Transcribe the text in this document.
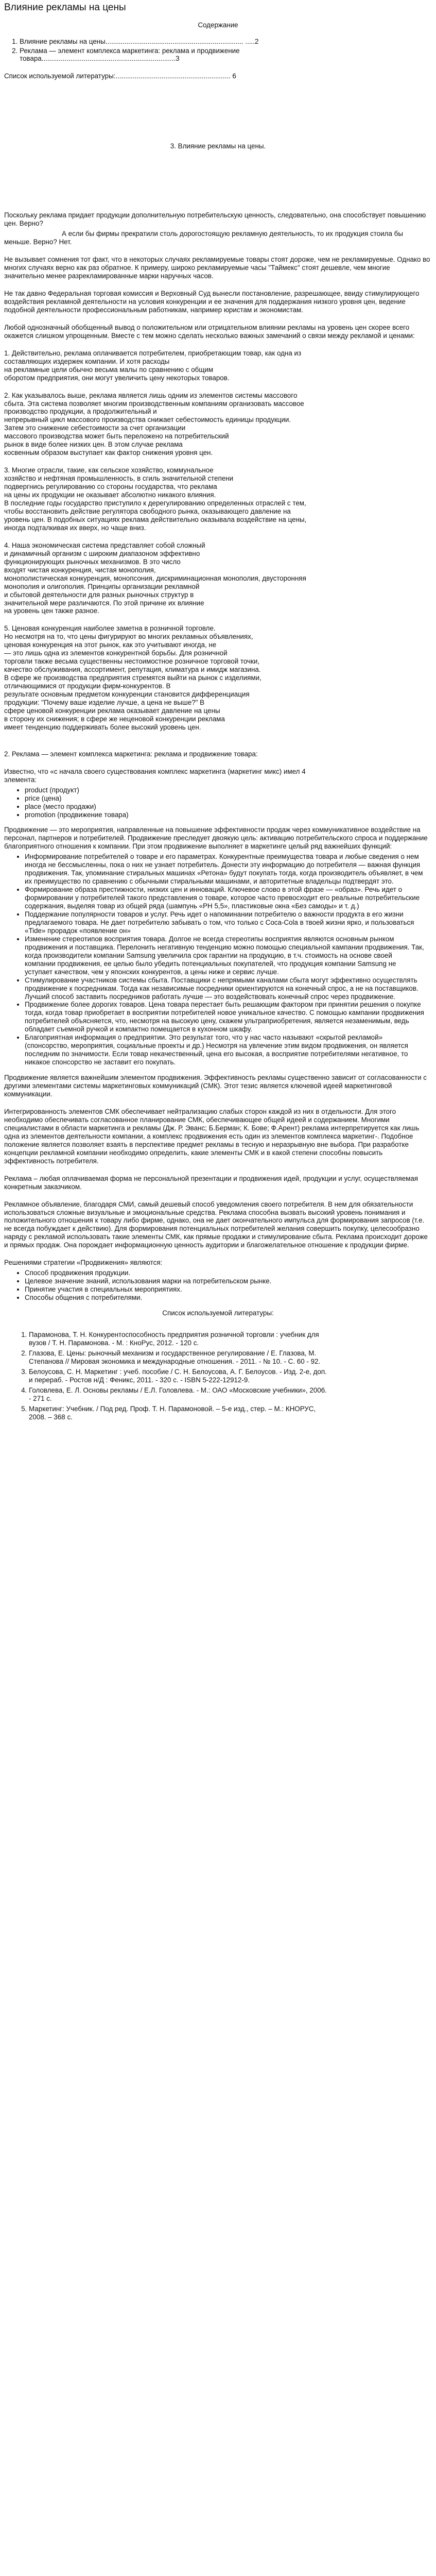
Влияние рекламы на цены
Содержание
1. Влияние рекламы на цены........................................................................ .....2
2. Реклама — элемент комплекса маркетинга: реклама и продвижение товара......................................................................3
Список используемой литературы:............................................................ 6
3. Влияние рекламы на цены.

Поскольку реклама придает продукции дополнительную потребительскую ценность, следовательно, она способствует повышению цен. Верно?

А если бы фирмы прекратили столь дорогостоящую рекламную деятельность, то их продукция стоила бы меньше. Верно? Нет.

Не вызывает сомнения тот факт, что в некоторых случаях рекламируемые товары стоят дороже, чем не рекламируемые. Однако во многих случаях верно как раз обратное. К примеру, широко рекламируемые часы "Таймекс" стоят дешевле, чем многие значительно менее разрекламированные марки наручных часов.

Не так давно Федеральная торговая комиссия и Верховный Суд вынесли постановление, разрешающее, ввиду стимулирующего воздействия рекламной деятельности на условия конкуренции и ее значения для поддержания низкого уровня цен, ведение подобной деятельности профессиональным работникам, например юристам и экономистам.

Любой однозначный обобщенный вывод о положительном или отрицательном влиянии рекламы на уровень цен скорее всего окажется слишком упрощенным. Вместе с тем можно сделать несколько важных замечаний о связи между рекламой и ценами:

1. Действительно, реклама оплачивается потребителем, приобретающим товар, как одна из составляющих издержек компании. И хотя расходы
на рекламные цели обычно весьма малы по сравнению с общим
оборотом предприятия, они могут увеличить цену некоторых товаров.

2. Как указывалось выше, реклама является лишь одним из элементов системы массового сбыта. Эта система позволяет многим производственным компаниям организовать массовое производство продукции, а продолжительный и
непрерывный цикл массового производства снижает себестоимость единицы продукции. Затем это снижение себестоимости за счет организации
массового производства может быть переложено на потребительский
рынок в виде более низких цен. В этом случае реклама
косвенным образом выступает как фактор снижения уровня цен.

3. Многие отрасли, такие, как сельское хозяйство, коммунальное
хозяйство и нефтяная промышленность, в сгиль значительной степени
подвергнись регулированию со стороны государства, что реклама
на цены их продукции не оказывает абсолютно никакого влияния.
В последние годы государство приступило к дерегулированию определенных отраслей с тем, чтобы восстановить действие регулятора свободного рынка, оказывающего давление на уровень цен. В подобных ситуациях реклама действительно оказывала воздействие на цены, иногда подталкивая их вверх, но чаще вниз.

4. Наша экономическая система представляет собой сложный
и динамичный организм с широким диапазоном эффективно
функционирующих рыночных механизмов. В это число
входят чистая конкуренция, чистая монополия,
монополистическая конкуренция, монопсония, дискриминационная монополия, двусторонняя монополия и олигополия. Принципы организации рекламной
и сбытовой деятельности для разных рыночных структур в
значительной мере различаются. По этой причине их влияние
на уровень цен также разное.

5. Ценовая конкуренция наиболее заметна в розничной торговле.
Но несмотря на то, что цены фигурируют во многих рекламных объявлениях,
ценовая конкуренция на этот рынок, как это учитывают иногда, не
— это лишь одна из элементов конкурентной борьбы. Для розничной
торговли также весьма существенны нестоимостное розничное торговой точки,
качество обслуживания, ассортимент, репутация, климатура и имидж магазина.
В сфере же производства предприятия стремятся выйти на рынок с изделиями,
отличающимися от продукции фирм-конкурентов. В
результате основным предметом конкуренции становится дифференциация
продукции: "Почему ваше изделие лучше, а цена не выше?" В
сфере ценовой конкуренции реклама оказывает давление на цены
в сторону их снижения; в сфере же неценовой конкуренции реклама
имеет тенденцию поддерживать более высокий уровень цен.

2. Реклама — элемент комплекса маркетинга: реклама и продвижение товара:

Известно, что «с начала своего существования комплекс маркетинга (маркетинг микс) имел 4 элемента:

• product (продукт)
• price (цена)
• place (место продажи)
• promotion (продвижение товара)

Продвижение — это мероприятия, направленные на повышение эффективности продаж через коммуникативное воздействие на персонал, партнеров и потребителей. Продвижение преследует двоякую цель: активацию потребительского спроса и поддержание благоприятного отношения к компании. При этом продвижение выполняет в маркетинге целый ряд важнейших функций:

• Информирование потребителей о товаре и его параметрах. Конкурентные преимущества товара и любые сведения о нем иногда не бессмысленны, пока о них не узнает потребитель. Донести эту информацию до потребителя — важная функция продвижения. Так, упоминание стиральных машинах «Ретона» будут покупать тогда, когда производитель объявляет, в чем их преимущество по сравнению с обычными стиральными машинами, и авторитетные владельцы подтвердят это.
• Формирование образа престижности, низких цен и инноваций. Ключевое слово в этой фразе — «образ». Речь идет о формировании у потребителей такого представления о товаре, которое часто превосходит его реальные потребительские содержания, выделяя товар из общей ряда (шампунь «PH 5,5», пластиковые окна «Без самоды» и т. д.)
• Поддержание популярности товаров и услуг. Речь идет о напоминании потребителю о важности продукта в его жизни предлагаемого товара. Не дает потребителю забывать о том, что только с Coca-Cola в твоей жизни ярко, и пользоваться «Tide» прорадок «появление он»
• Изменение стереотипов восприятия товара. Долгое не всегда стереотипы восприятия являются основным рынком продвижения и поставщика. Перелонить негативную тенденцию можно помощью специальной кампании продвижения. Так, когда производители компании Samsung увеличила срок гарантии на продукцию, в т.ч. стоимость на основе своей компании продвижения, ее целью было убедить потенциальных покупателей, что продукция компании Samsung не уступает качеством, чем у японских конкурентов, а цены ниже и сервис лучше.
• Стимулирование участников системы сбыта. Поставщики с непрямыми каналами сбыта могут эффективно осуществлять продвижение к посредникам. Тогда как независимые посредники ориентируются на конечный спрос, а не на поставщиков. Лучший способ заставить посредников работать лучше — это воздействовать конечный спрос через продвижение.
• Продвижение более дорогих товаров. Цена товара перестает быть решающим фактором при принятии решения о покупке тогда, когда товар приобретает в восприятии потребителей новое уникальное качество. С помощью кампании продвижения потребителей объясняется, что, несмотря на высокую цену, скажем ультраприобретения, является незаменимым, ведь обладает съемной ручкой и компактно помещается в кухонном шкафу.
• Благоприятная информация о предприятии. Это результат того, что у нас часто называют «скрытой рекламой» (спонсорство, мероприятия, социальные проекты и др.) Несмотря на увлечение этим видом продвижения, он является последним по значимости. Если товар некачественный, цена его высокая, а восприятие потребителями негативное, то никакое спонсорство не заставит его покупать.

Продвижение является важнейшим элементом продвижения. Эффективность рекламы существенно зависит от согласованности с другими элементами системы маркетинговых коммуникаций (СМК). Этот тезис является ключевой идеей маркетинговой коммуникации.

Интегрированность элементов СМК обеспечивает нейтрализацию слабых сторон каждой из них в отдельности. Для этого необходимо обеспечивать согласованное планирование СМК, обеспечивающее общей идеей и содержанием. Многими специалистами в области маркетинга и рекламы (Дж. Р. Эванс; Б.Берман; К. Бове; Ф.Арент) реклама интерпретируется как лишь одна из элементов деятельности компании, а комплекс продвижения есть один из элементов комплекса маркетинг-. Подобное положение является позволяет взаять в перспективе предмет рекламы в тесную и неразрывную вне выбора. При разработке концепции рекламной компании необходимо определить, какие элементы СМК и в какой степени способны повысить эффективность потребителя.

Реклама – любая оплачиваемая форма не персональной презентации и продвижения идей, продукции и услуг, осуществляемая конкретным заказчиком.

Рекламное объявление, благодаря СМИ, самый дешевый способ уведомления своего потребителя. В нем для обязательности использоваться сложные визуальные и эмоциональные средства. Реклама способна вызвать высокий уровень понимания и положительного отношения к товару либо фирме, однако, она не дает окончательного импульса для формирования запросов (т.е. не всегда побуждает к действию). Для формирования потенциальных потребителей желания совершить покупку, целесообразно наряду с рекламой использовать такие элементы СМК, как прямые продажи и стимулирование сбыта. Реклама происходит дороже и прямых продаж. Она порождает информационную ценность аудитории и благожелательное отношение к продукции фирме.

Решениями стратегии «Продвижения» являются:

• Способ продвижения продукции.
• Целевое значение знаний, использования марки на потребительском рынке.
• Принятие участия в специальных мероприятиях.
• Способы общения с потребителями.
Список используемой литературы:
1. Парамонова, Т. Н. Конкурентоспособность предприятия розничной торговли : учебник для вузов / Т. Н. Парамонова. - М. : КноРус, 2012. - 120 с.
2. Глазова, Е. Цены: рыночный механизм и государственное регулирование / Е. Глазова, М. Степанова // Мировая экономика и международные отношения. - 2011. - № 10. - С. 60 - 92.
3. Белоусова, С. Н. Маркетинг : учеб. пособие / С. Н. Белоусова, А. Г. Белоусов. - Изд. 2-е, доп. и перераб. - Ростов н/Д : Феникс, 2011. - 320 с. - ISBN 5-222-12912-9.
4. Головлева, Е. Л. Основы рекламы / Е.Л. Головлева. - М.: ОАО «Московские учебники», 2006. - 271 с.
5. Маркетинг: Учебник. / Под ред. Проф. Т. Н. Парамоновой. – 5-е изд., стер. – М.: КНОРУС, 2008. – 368 с.
